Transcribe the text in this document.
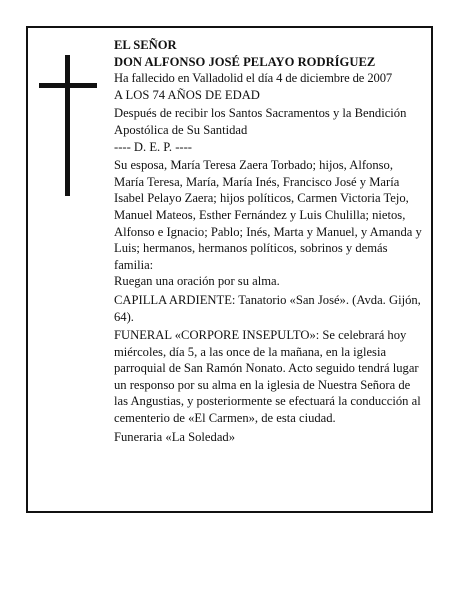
EL SEÑOR

DON ALFONSO JOSÉ PELAYO RODRÍGUEZ

Ha fallecido en Valladolid el día 4 de diciembre de 2007

A LOS 74 AÑOS DE EDAD

Después de recibir los Santos Sacramentos y la Bendición Apostólica de Su Santidad

---- D. E. P. ----

Su esposa, María Teresa Zaera Torbado; hijos, Alfonso, María Teresa, María, María Inés, Francisco José y María Isabel Pelayo Zaera; hijos políticos, Carmen Victoria Tejo, Manuel Mateos, Esther Fernández y Luis Chulilla; nietos, Alfonso e Ignacio; Pablo; Inés, Marta y Manuel, y Amanda y Luis; hermanos, hermanos políticos, sobrinos y demás familia:

Ruegan una oración por su alma.

CAPILLA ARDIENTE: Tanatorio «San José». (Avda. Gijón, 64).

FUNERAL «CORPORE INSEPULTO»: Se celebrará hoy miércoles, día 5, a las once de la mañana, en la iglesia parroquial de San Ramón Nonato. Acto seguido tendrá lugar un responso por su alma en la iglesia de Nuestra Señora de las Angustias, y posteriormente se efectuará la conducción al cementerio de «El Carmen», de esta ciudad.

Funeraria «La Soledad»
